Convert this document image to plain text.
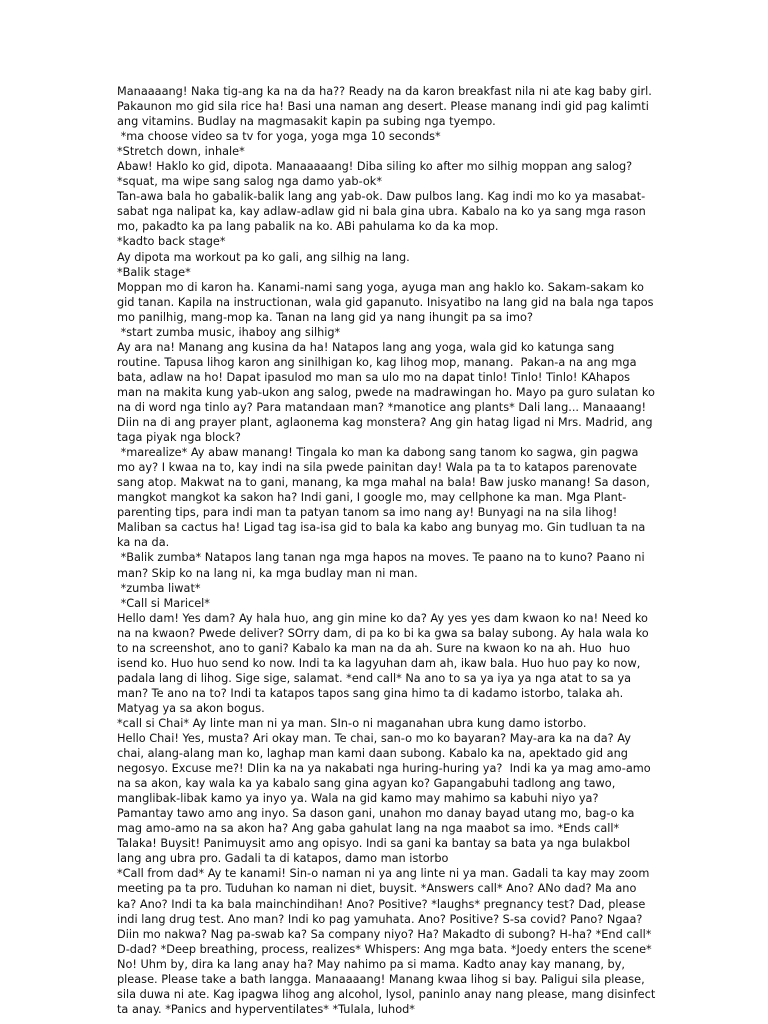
Manaaaang! Naka tig-ang ka na da ha?? Ready na da karon breakfast nila ni ate kag baby girl. Pakaunon mo gid sila rice ha! Basi una naman ang desert. Please manang indi gid pag kalimti ang vitamins. Budlay na magmasakit kapin pa subing nga tyempo.

*ma choose video sa tv for yoga, yoga mga 10 seconds*

*Stretch down, inhale*

Abaw! Haklo ko gid, dipota. Manaaaaang! Diba siling ko after mo silhig moppan ang salog?

*squat, ma wipe sang salog nga damo yab-ok*

Tan-awa bala ho gabalik-balik lang ang yab-ok. Daw pulbos lang. Kag indi mo ko ya masabat-sabat nga nalipat ka, kay adlaw-adlaw gid ni bala gina ubra. Kabalo na ko ya sang mga rason mo, pakadto ka pa lang pabalik na ko. ABi pahulama ko da ka mop.

*kadto back stage*

Ay dipota ma workout pa ko gali, ang silhig na lang.

*Balik stage*

Moppan mo di karon ha. Kanami-nami sang yoga, ayuga man ang haklo ko. Sakam-sakam ko gid tanan. Kapila na instructionan, wala gid gapanuto. Inisyatibo na lang gid na bala nga tapos mo panilhig, mang-mop ka. Tanan na lang gid ya nang ihungit pa sa imo?

*start zumba music, ihaboy ang silhig*

Ay ara na! Manang ang kusina da ha! Natapos lang ang yoga, wala gid ko katunga sang routine. Tapusa lihog karon ang sinilhigan ko, kag lihog mop, manang.  Pakan-a na ang mga bata, adlaw na ho! Dapat ipasulod mo man sa ulo mo na dapat tinlo! Tinlo! Tinlo! KAhapos man na makita kung yab-ukon ang salog, pwede na madrawingan ho. Mayo pa guro sulatan ko na di word nga tinlo ay? Para matandaan man? *manotice ang plants* Dali lang... Manaaang! Diin na di ang prayer plant, aglaonema kag monstera? Ang gin hatag ligad ni Mrs. Madrid, ang taga piyak nga block?

*marealize* Ay abaw manang! Tingala ko man ka dabong sang tanom ko sagwa, gin pagwa mo ay? I kwaa na to, kay indi na sila pwede painitan day! Wala pa ta to katapos parenovate sang atop. Makwat na to gani, manang, ka mga mahal na bala! Baw jusko manang! Sa dason, mangkot mangkot ka sakon ha? Indi gani, I google mo, may cellphone ka man. Mga Plant-parenting tips, para indi man ta patyan tanom sa imo nang ay! Bunyagi na na sila lihog! Maliban sa cactus ha! Ligad tag isa-isa gid to bala ka kabo ang bunyag mo. Gin tudluan ta na ka na da.

*Balik zumba* Natapos lang tanan nga mga hapos na moves. Te paano na to kuno? Paano ni man? Skip ko na lang ni, ka mga budlay man ni man.

*zumba liwat*

*Call si Maricel*

Hello dam! Yes dam? Ay hala huo, ang gin mine ko da? Ay yes yes dam kwaon ko na! Need ko na na kwaon? Pwede deliver? SOrry dam, di pa ko bi ka gwa sa balay subong. Ay hala wala ko to na screenshot, ano to gani? Kabalo ka man na da ah. Sure na kwaon ko na ah. Huo  huo isend ko. Huo huo send ko now. Indi ta ka lagyuhan dam ah, ikaw bala. Huo huo pay ko now, padala lang di lihog. Sige sige, salamat. *end call* Na ano to sa ya iya ya nga atat to sa ya man? Te ano na to? Indi ta katapos tapos sang gina himo ta di kadamo istorbo, talaka ah. Matyag ya sa akon bogus.

*call si Chai* Ay linte man ni ya man. SIn-o ni maganahan ubra kung damo istorbo.

Hello Chai! Yes, musta? Ari okay man. Te chai, san-o mo ko bayaran? May-ara ka na da? Ay chai, alang-alang man ko, laghap man kami daan subong. Kabalo ka na, apektado gid ang negosyo. Excuse me?! DIin ka na ya nakabati nga huring-huring ya?  Indi ka ya mag amo-amo na sa akon, kay wala ka ya kabalo sang gina agyan ko? Gapangabuhi tadlong ang tawo, manglibak-libak kamo ya inyo ya. Wala na gid kamo may mahimo sa kabuhi niyo ya? Pamantay tawo amo ang inyo. Sa dason gani, unahon mo danay bayad utang mo, bag-o ka mag amo-amo na sa akon ha? Ang gaba gahulat lang na nga maabot sa imo. *Ends call* Talaka! Buysit! Panimuysit amo ang opisyo. Indi sa gani ka bantay sa bata ya nga bulakbol lang ang ubra pro. Gadali ta di katapos, damo man istorbo

*Call from dad* Ay te kanami! Sin-o naman ni ya ang linte ni ya man. Gadali ta kay may zoom meeting pa ta pro. Tuduhan ko naman ni diet, buysit. *Answers call* Ano? ANo dad? Ma ano ka? Ano? Indi ta ka bala mainchindihan! Ano? Positive? *laughs* pregnancy test? Dad, please indi lang drug test. Ano man? Indi ko pag yamuhata. Ano? Positive? S-sa covid? Pano? Ngaa? Diin mo nakwa? Nag pa-swab ka? Sa company niyo? Ha? Makadto di subong? H-ha? *End call* D-dad? *Deep breathing, process, realizes* Whispers: Ang mga bata. *Joedy enters the scene* No! Uhm by, dira ka lang anay ha? May nahimo pa si mama. Kadto anay kay manang, by, please. Please take a bath langga. Manaaaang! Manang kwaa lihog si bay. Paligui sila please, sila duwa ni ate. Kag ipagwa lihog ang alcohol, lysol, paninlo anay nang please, mang disinfect ta anay. *Panics and hyperventilates* *Tulala, luhod*
